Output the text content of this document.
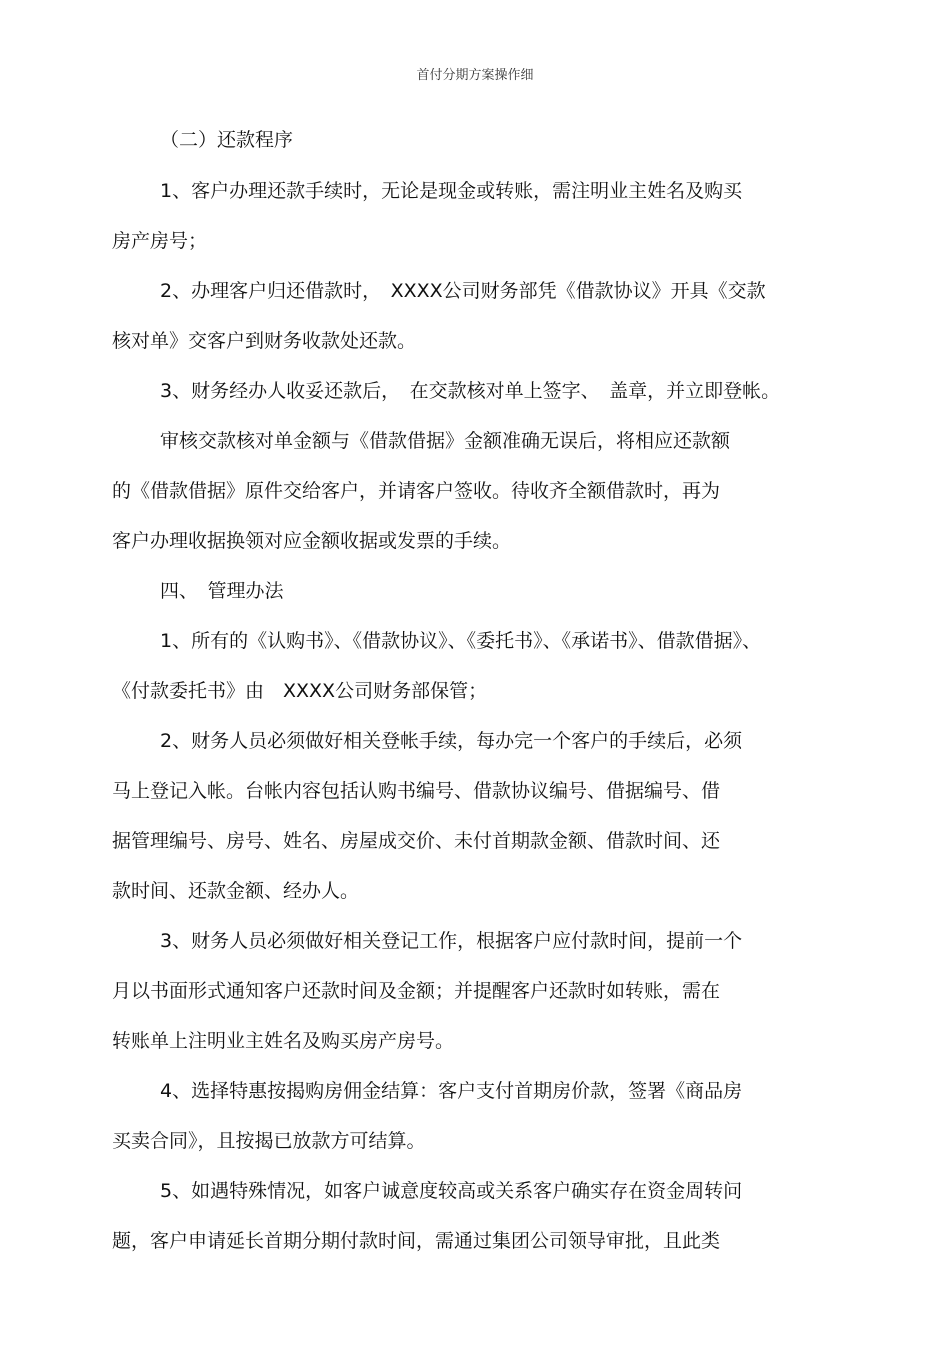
首付分期方案操作细
（二）还款程序
1、客户办理还款手续时，无论是现金或转账，需注明业主姓名及购买
房产房号；
2、办理客户归还借款时，　XXXX公司财务部凭《借款协议》开具《交款
核对单》交客户到财务收款处还款。
3、财务经办人收妥还款后，　在交款核对单上签字、　盖章，并立即登帐。
审核交款核对单金额与《借款借据》金额准确无误后，将相应还款额
的《借款借据》原件交给客户，并请客户签收。待收齐全额借款时，再为
客户办理收据换领对应金额收据或发票的手续。
四、　管理办法
1、所有的《认购书》、《借款协议》、《委托书》、《承诺书》、借款借据》、
《付款委托书》由　XXXX公司财务部保管；
2、财务人员必须做好相关登帐手续，每办完一个客户的手续后，必须
马上登记入帐。台帐内容包括认购书编号、借款协议编号、借据编号、借
据管理编号、房号、姓名、房屋成交价、未付首期款金额、借款时间、还
款时间、还款金额、经办人。
3、财务人员必须做好相关登记工作，根据客户应付款时间，提前一个
月以书面形式通知客户还款时间及金额；并提醒客户还款时如转账，需在
转账单上注明业主姓名及购买房产房号。
4、选择特惠按揭购房佣金结算：客户支付首期房价款，签署《商品房
买卖合同》，且按揭已放款方可结算。
5、如遇特殊情况，如客户诚意度较高或关系客户确实存在资金周转问
题，客户申请延长首期分期付款时间，需通过集团公司领导审批，且此类
